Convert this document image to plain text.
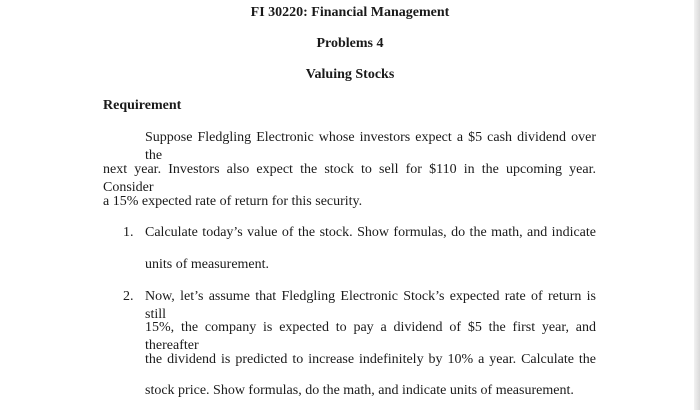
FI 30220: Financial Management
Problems 4
Valuing Stocks
Requirement
Suppose Fledgling Electronic whose investors expect a $5 cash dividend over the
next year. Investors also expect the stock to sell for $110 in the upcoming year. Consider
a 15% expected rate of return for this security.
1. Calculate today’s value of the stock. Show formulas, do the math, and indicate
units of measurement.
2. Now, let’s assume that Fledgling Electronic Stock’s expected rate of return is still
15%, the company is expected to pay a dividend of $5 the first year, and thereafter
the dividend is predicted to increase indefinitely by 10% a year. Calculate the
stock price. Show formulas, do the math, and indicate units of measurement.
